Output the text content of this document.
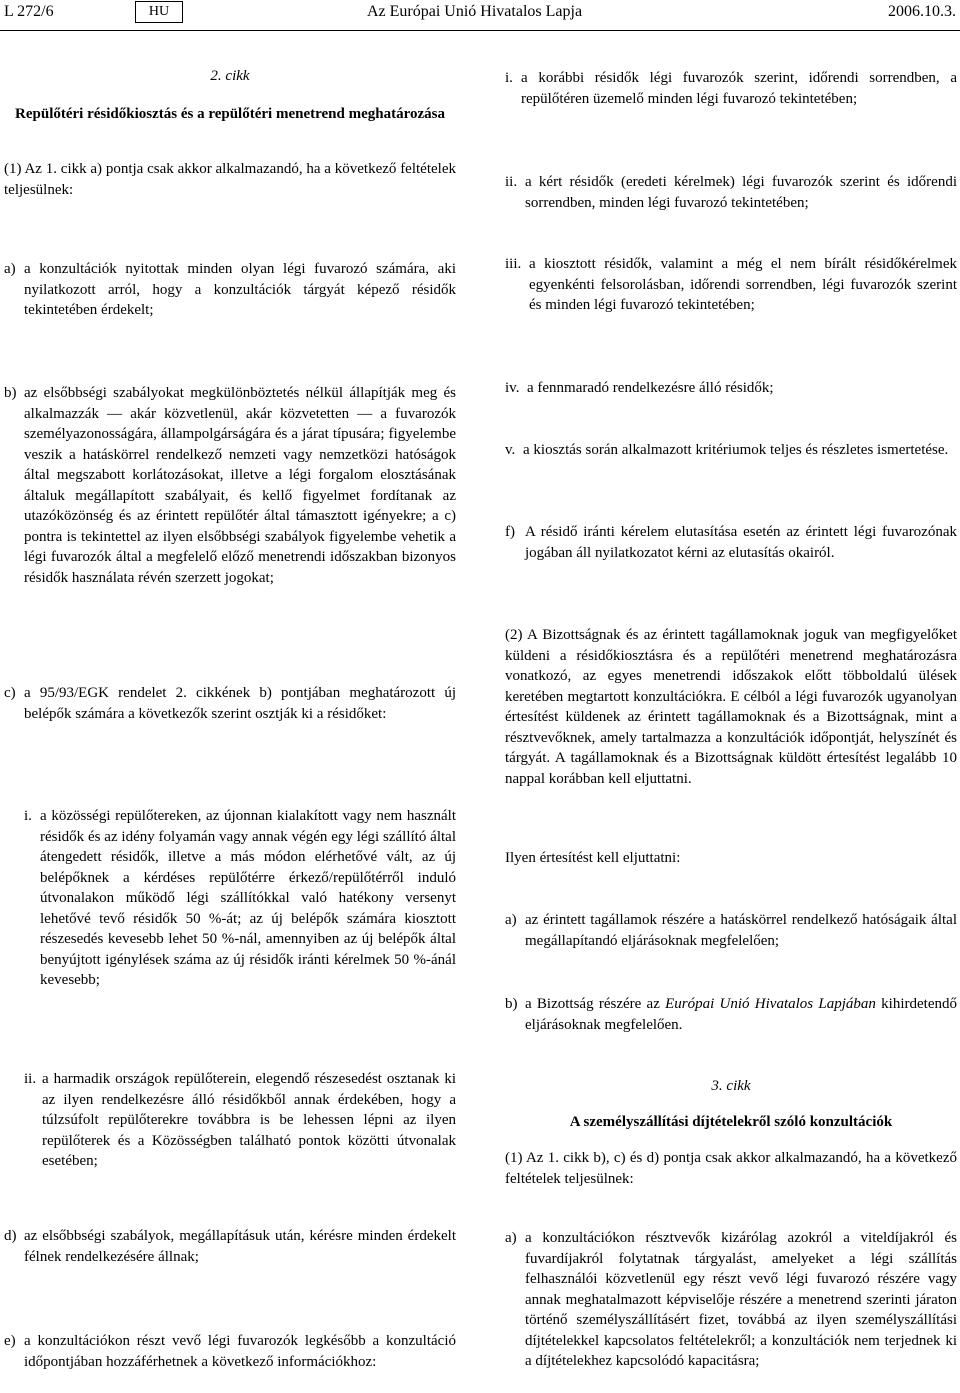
L 272/6	HU	Az Európai Unió Hivatalos Lapja	2006.10.3.
2. cikk
Repülőtéri résidőkiosztás és a repülőtéri menetrend meghatározása
(1) Az 1. cikk a) pontja csak akkor alkalmazandó, ha a következő feltételek teljesülnek:
a) a konzultációk nyitottak minden olyan légi fuvarozó számára, aki nyilatkozott arról, hogy a konzultációk tárgyát képező résidők tekintetében érdekelt;
b) az elsőbbségi szabályokat megkülönböztetés nélkül állapítják meg és alkalmazzák — akár közvetlenül, akár közvetetten — a fuvarozók személyazonosságára, állampolgárságára és a járat típusára; figyelembe veszik a hatáskörrel rendelkező nemzeti vagy nemzetközi hatóságok által megszabott korlátozásokat, illetve a légi forgalom elosztásának általuk megállapított szabályait, és kellő figyelmet fordítanak az utazóközönség és az érintett repülőtér által támasztott igényekre; a c) pontra is tekintettel az ilyen elsőbbségi szabályok figyelembe vehetik a légi fuvarozók által a megfelelő előző menetrendi időszakban bizonyos résidők használata révén szerzett jogokat;
c) a 95/93/EGK rendelet 2. cikkének b) pontjában meghatározott új belépők számára a következők szerint osztják ki a résidőket:
i. a közösségi repülőtereken, az újonnan kialakított vagy nem használt résidők és az idény folyamán vagy annak végén egy légi szállító által átengedett résidők, illetve a más módon elérhetővé vált, az új belépőknek a kérdéses repülőtérre érkező/repülőtérről induló útvonalakon működő légi szállítókkal való hatékony versenyt lehetővé tevő résidők 50 %-át; az új belépők számára kiosztott részesedés kevesebb lehet 50 %-nál, amennyiben az új belépők által benyújtott igénylések száma az új résidők iránti kérelmek 50 %-ánál kevesebb;
ii. a harmadik országok repülőterein, elegendő részesedést osztanak ki az ilyen rendelkezésre álló résidőkből annak érdekében, hogy a túlzsúfolt repülőterekre továbbra is be lehessen lépni az ilyen repülőterek és a Közösségben található pontok közötti útvonalak esetében;
d) az elsőbbségi szabályok, megállapításuk után, kérésre minden érdekelt félnek rendelkezésére állnak;
e) a konzultációkon részt vevő légi fuvarozók legkésőbb a konzultáció időpontjában hozzáférhetnek a következő információkhoz:
i. a korábbi résidők légi fuvarozók szerint, időrendi sorrendben, a repülőtéren üzemelő minden légi fuvarozó tekintetében;
ii. a kért résidők (eredeti kérelmek) légi fuvarozók szerint és időrendi sorrendben, minden légi fuvarozó tekintetében;
iii. a kiosztott résidők, valamint a még el nem bírált résidőkérelmek egyenkénti felsorolásban, időrendi sorrendben, légi fuvarozók szerint és minden légi fuvarozó tekintetében;
iv. a fennmaradó rendelkezésre álló résidők;
v. a kiosztás során alkalmazott kritériumok teljes és részletes ismertetése.
f) A résidő iránti kérelem elutasítása esetén az érintett légi fuvarozónak jogában áll nyilatkozatot kérni az elutasítás okairól.
(2) A Bizottságnak és az érintett tagállamoknak joguk van megfigyelőket küldeni a résidőkiosztásra és a repülőtéri menetrend meghatározásra vonatkozó, az egyes menetrendi időszakok előtt többoldalú ülések keretében megtartott konzultációkra. E célból a légi fuvarozók ugyanolyan értesítést küldenek az érintett tagállamoknak és a Bizottságnak, mint a résztvevőknek, amely tartalmazza a konzultációk időpontját, helyszínét és tárgyát. A tagállamoknak és a Bizottságnak küldött értesítést legalább 10 nappal korábban kell eljuttatni.
Ilyen értesítést kell eljuttatni:
a) az érintett tagállamok részére a hatáskörrel rendelkező hatóságaik által megállapítandó eljárásoknak megfelelően;
b) a Bizottság részére az Európai Unió Hivatalos Lapjában kihirdetendő eljárásoknak megfelelően.
3. cikk
A személyszállítási díjtételekről szóló konzultációk
(1) Az 1. cikk b), c) és d) pontja csak akkor alkalmazandó, ha a következő feltételek teljesülnek:
a) a konzultációkon résztvevők kizárólag azokról a viteldíjakról és fuvardíjakról folytatnak tárgyalást, amelyeket a légi szállítás felhasználói közvetlenül egy részt vevő légi fuvarozó részére vagy annak meghatalmazott képviselője részére a menetrend szerinti járaton történő személyszállításért fizet, továbbá az ilyen személyszállítási díjtételekkel kapcsolatos feltételekről; a konzultációk nem terjednek ki a díjtételekhez kapcsolódó kapacitásra;
